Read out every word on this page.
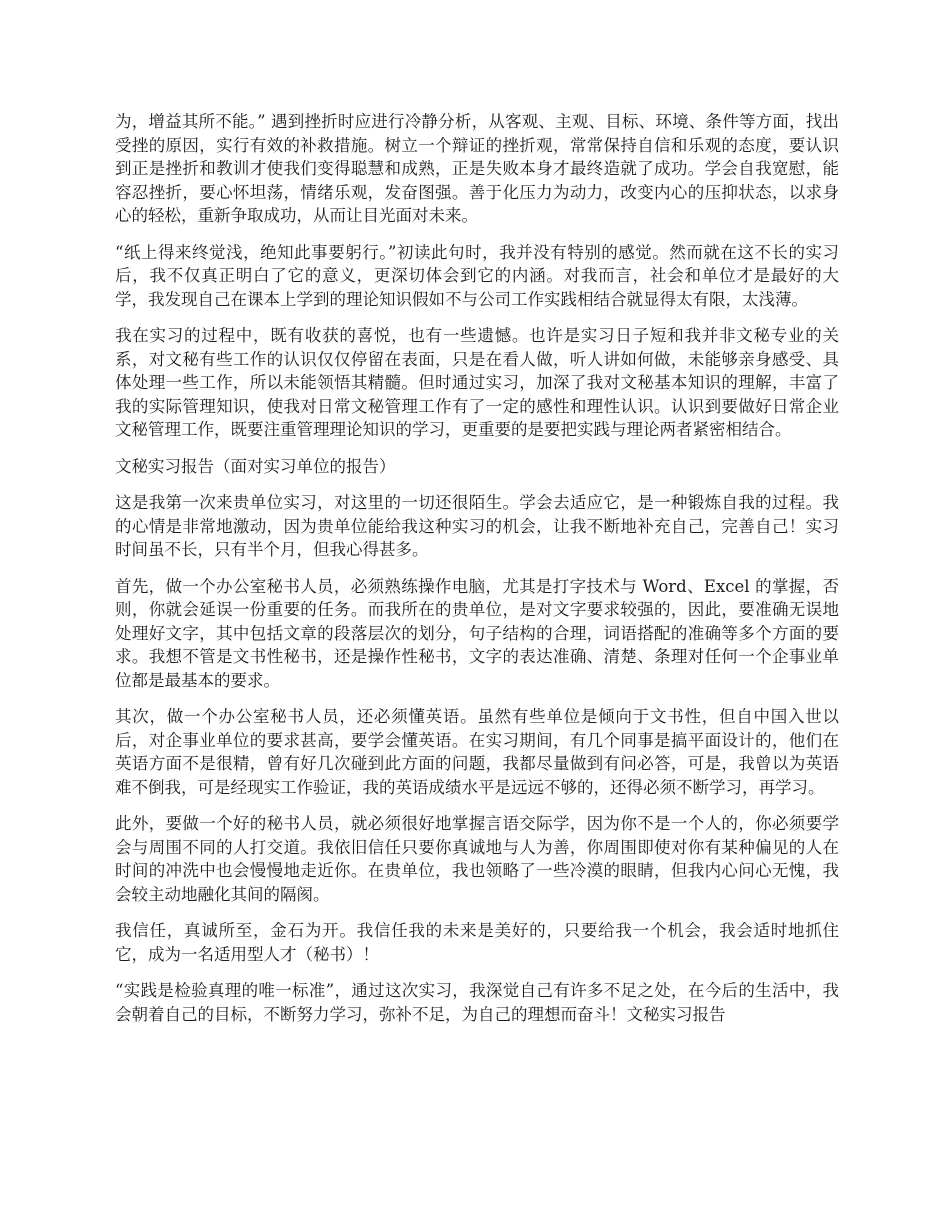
为，增益其所不能。” 遇到挫折时应进行冷静分析，从客观、主观、目标、环境、条件等方面，找出受挫的原因，实行有效的补救措施。树立一个辩证的挫折观，常常保持自信和乐观的态度，要认识到正是挫折和教训才使我们变得聪慧和成熟，正是失败本身才最终造就了成功。学会自我宽慰，能容忍挫折，要心怀坦荡，情绪乐观，发奋图强。善于化压力为动力，改变内心的压抑状态，以求身心的轻松，重新争取成功，从而让目光面对未来。

“纸上得来终觉浅，绝知此事要躬行。”初读此句时，我并没有特别的感觉。然而就在这不长的实习后，我不仅真正明白了它的意义，更深切体会到它的内涵。对我而言，社会和单位才是最好的大学，我发现自己在课本上学到的理论知识假如不与公司工作实践相结合就显得太有限，太浅薄。

我在实习的过程中，既有收获的喜悦，也有一些遗憾。也许是实习日子短和我并非文秘专业的关系，对文秘有些工作的认识仅仅停留在表面，只是在看人做，听人讲如何做，未能够亲身感受、具体处理一些工作，所以未能领悟其精髓。但时通过实习，加深了我对文秘基本知识的理解，丰富了我的实际管理知识，使我对日常文秘管理工作有了一定的感性和理性认识。认识到要做好日常企业文秘管理工作，既要注重管理理论知识的学习，更重要的是要把实践与理论两者紧密相结合。

文秘实习报告（面对实习单位的报告）

这是我第一次来贵单位实习，对这里的一切还很陌生。学会去适应它，是一种锻炼自我的过程。我的心情是非常地激动，因为贵单位能给我这种实习的机会，让我不断地补充自己，完善自己！实习时间虽不长，只有半个月，但我心得甚多。

首先，做一个办公室秘书人员，必须熟练操作电脑，尤其是打字技术与 Word、Excel 的掌握，否则，你就会延误一份重要的任务。而我所在的贵单位，是对文字要求较强的，因此，要准确无误地处理好文字，其中包括文章的段落层次的划分，句子结构的合理，词语搭配的准确等多个方面的要求。我想不管是文书性秘书，还是操作性秘书，文字的表达准确、清楚、条理对任何一个企事业单位都是最基本的要求。

其次，做一个办公室秘书人员，还必须懂英语。虽然有些单位是倾向于文书性，但自中国入世以后，对企事业单位的要求甚高，要学会懂英语。在实习期间，有几个同事是搞平面设计的，他们在英语方面不是很精，曾有好几次碰到此方面的问题，我都尽量做到有问必答，可是，我曾以为英语难不倒我，可是经现实工作验证，我的英语成绩水平是远远不够的，还得必须不断学习，再学习。

此外，要做一个好的秘书人员，就必须很好地掌握言语交际学，因为你不是一个人的，你必须要学会与周围不同的人打交道。我依旧信任只要你真诚地与人为善，你周围即使对你有某种偏见的人在时间的冲洗中也会慢慢地走近你。在贵单位，我也领略了一些冷漠的眼睛，但我内心问心无愧，我会较主动地融化其间的隔阂。

我信任，真诚所至，金石为开。我信任我的未来是美好的，只要给我一个机会，我会适时地抓住它，成为一名适用型人才（秘书）！

“实践是检验真理的唯一标准”，通过这次实习，我深觉自己有许多不足之处，在今后的生活中，我会朝着自己的目标，不断努力学习，弥补不足，为自己的理想而奋斗！文秘实习报告
